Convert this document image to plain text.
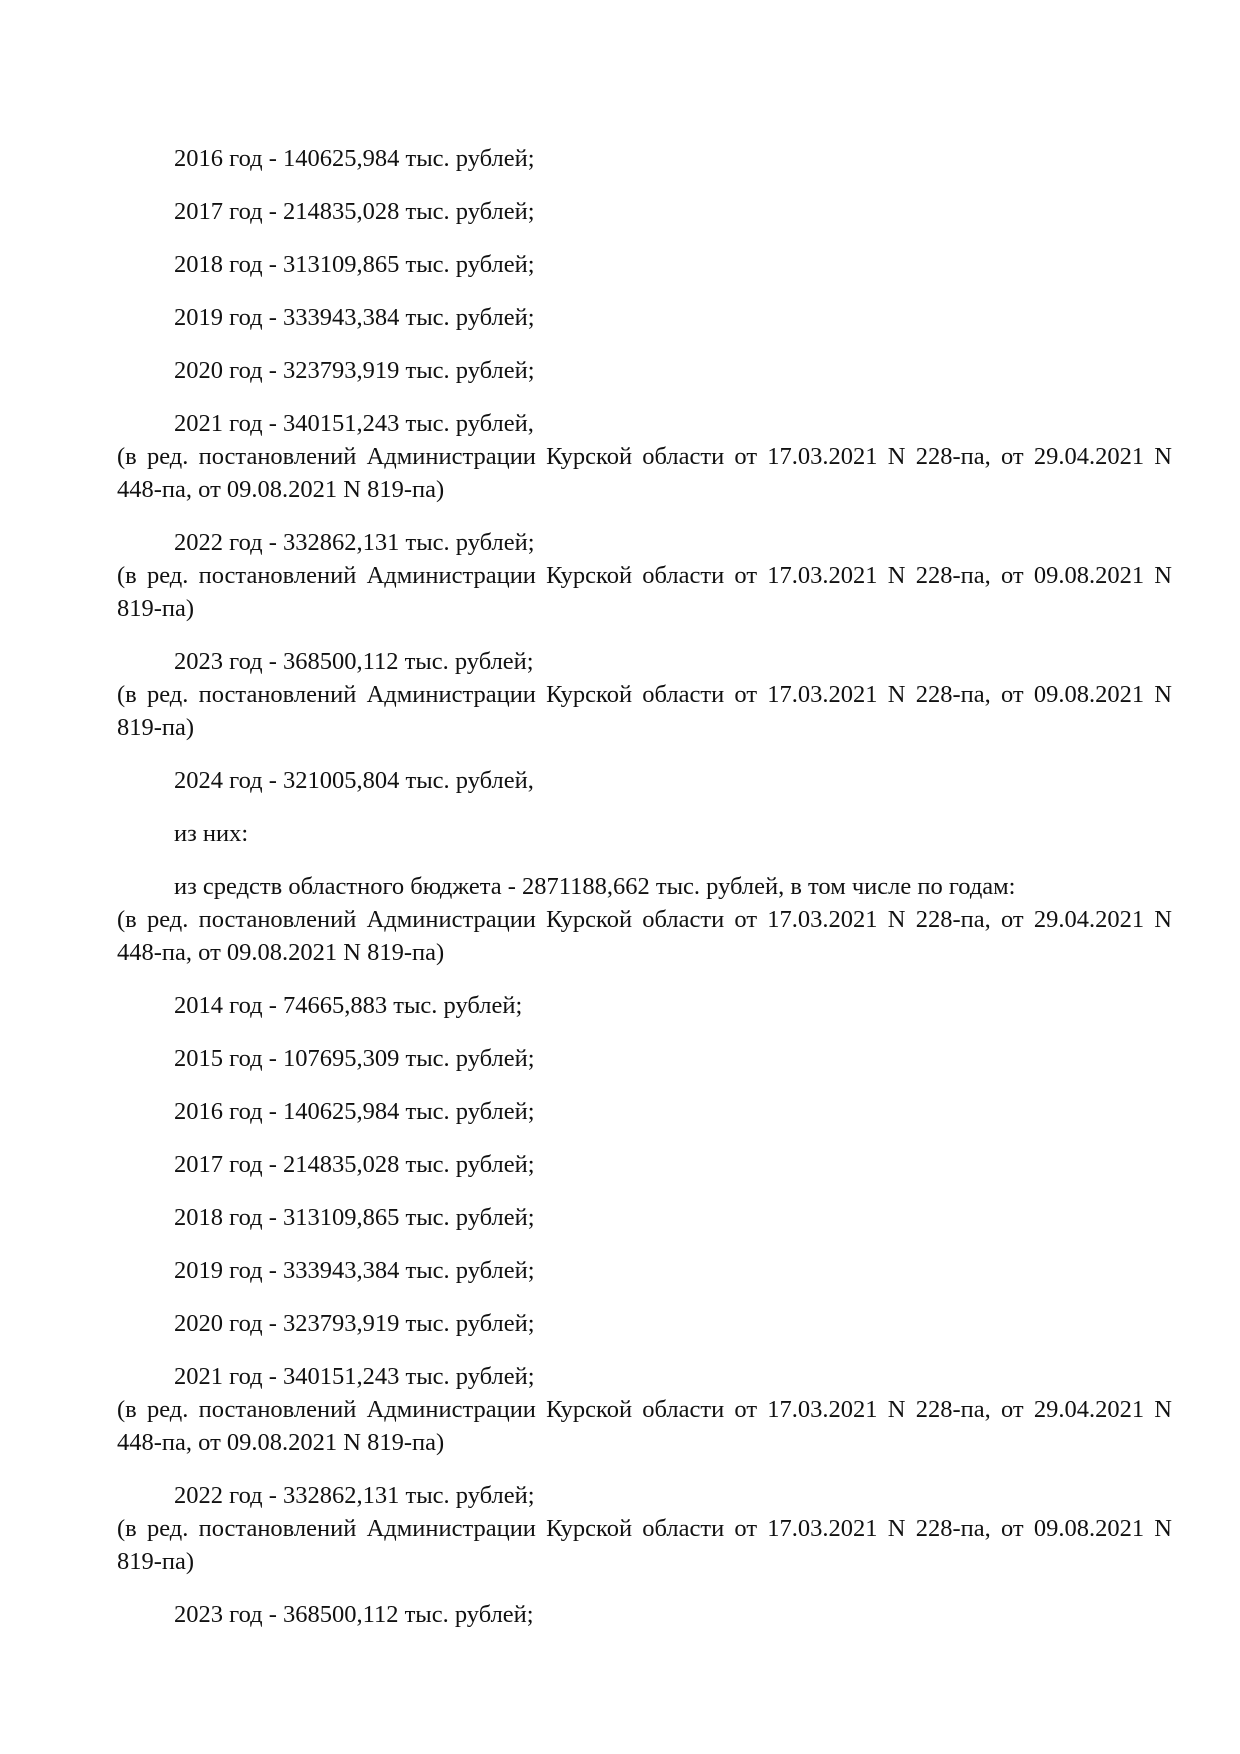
2016 год - 140625,984 тыс. рублей;

2017 год - 214835,028 тыс. рублей;

2018 год - 313109,865 тыс. рублей;

2019 год - 333943,384 тыс. рублей;

2020 год - 323793,919 тыс. рублей;

2021 год - 340151,243 тыс. рублей,

(в ред. постановлений Администрации Курской области от 17.03.2021 N 228-па, от 29.04.2021 N 448-па, от 09.08.2021 N 819-па)

2022 год - 332862,131 тыс. рублей;

(в ред. постановлений Администрации Курской области от 17.03.2021 N 228-па, от 09.08.2021 N 819-па)

2023 год - 368500,112 тыс. рублей;

(в ред. постановлений Администрации Курской области от 17.03.2021 N 228-па, от 09.08.2021 N 819-па)

2024 год - 321005,804 тыс. рублей,

из них:

из средств областного бюджета - 2871188,662 тыс. рублей, в том числе по годам:

(в ред. постановлений Администрации Курской области от 17.03.2021 N 228-па, от 29.04.2021 N 448-па, от 09.08.2021 N 819-па)

2014 год - 74665,883 тыс. рублей;

2015 год - 107695,309 тыс. рублей;

2016 год - 140625,984 тыс. рублей;

2017 год - 214835,028 тыс. рублей;

2018 год - 313109,865 тыс. рублей;

2019 год - 333943,384 тыс. рублей;

2020 год - 323793,919 тыс. рублей;

2021 год - 340151,243 тыс. рублей;

(в ред. постановлений Администрации Курской области от 17.03.2021 N 228-па, от 29.04.2021 N 448-па, от 09.08.2021 N 819-па)

2022 год - 332862,131 тыс. рублей;

(в ред. постановлений Администрации Курской области от 17.03.2021 N 228-па, от 09.08.2021 N 819-па)

2023 год - 368500,112 тыс. рублей;
